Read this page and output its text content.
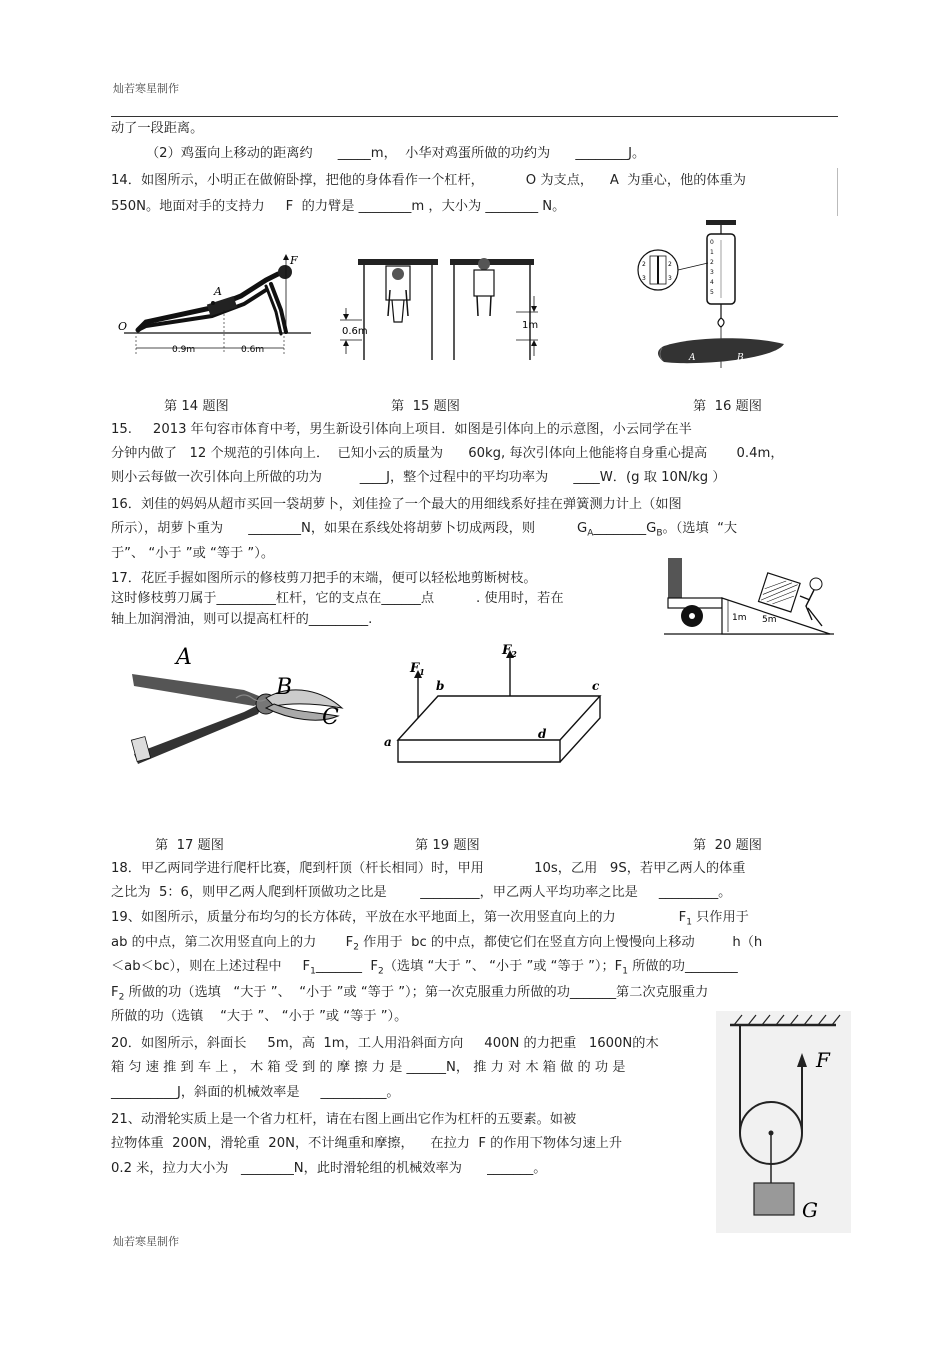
灿若寒星制作
动了一段距离。
（2）鸡蛋向上移动的距离约      _____m，  小华对鸡蛋所做的功约为      ________J。
14．如图所示，小明正在做俯卧撑，把他的身体看作一个杠杆，          O 为支点，    A  为重心，他的体重为
550N。地面对手的支持力     F  的力臂是 ________m ，大小为 ________ N。
F
A
O
0.9m	0.6m
0.6m
1m
0
1
2
3
4
5
2	2
3	3
A	B
第 14 题图	第  15 题图	第  16 题图
15.     2013 年句容市体育中考，男生新设引体向上项目．如图是引体向上的示意图，小云同学在半
分钟内做了   12 个规范的引体向上．  已知小云的质量为      60kg, 每次引体向上他能将自身重心提高       0.4m，
则小云每做一次引体向上所做的功为         ____J，整个过程中的平均功率为      ____W．(g 取 10N/kg ）
16．刘佳的妈妈从超市买回一袋胡萝卜，刘佳捡了一个最大的用细线系好挂在弹簧测力计上（如图
所示），胡萝卜重为      ________N，如果在系线处将胡萝卜切成两段，则          $G_A\_\_\_\_\_\_\_\_G_B$。（选填  “大
于”、 “小于 ”或 “等于 ”）。
17．花匠手握如图所示的修枝剪刀把手的末端，便可以轻松地剪断树枝。
这时修枝剪刀属于_________杠杆，它的支点在______点          . 使用时，若在
轴上加润滑油，则可以提高杠杆的_________.	1m 5m
A
B
C
$F_1$
$F_2$
b	c
a
d
第  17 题图	第 19 题图	第  20 题图
18．甲乙两同学进行爬杆比赛，爬到杆顶（杆长相同）时，甲用            10s，乙用   9S，若甲乙两人的体重
之比为  5：6，则甲乙两人爬到杆顶做功之比是        _________，甲乙两人平均功率之比是     _________。
19、如图所示，质量分布均匀的长方体砖，平放在水平地面上，第一次用竖直向上的力               $F_1$ 只作用于
ab 的中点，第二次用竖直向上的力       $F_2$ 作用于  bc 的中点，都使它们在竖直方向上慢慢向上移动         h（h
＜ab＜bc），则在上述过程中     $F_1\_\_\_\_\_\_\_$  $F_2$（选填 “大于 ”、 “小于 ”或 “等于 ”）；$F_1$ 所做的功________
$F_2$ 所做的功（选填   “大于 ”、  “小于 ”或 “等于 ”）；第一次克服重力所做的功_______第二次克服重力
所做的功（选镇    “大于 ”、 “小于 ”或 “等于 ”）。
20．如图所示，斜面长     5m，高  1m，工人用沿斜面方向     400N 的力把重   1600N的木
箱 匀 速 推 到 车 上 ， 木 箱 受 到 的 摩 擦 力 是 ______N， 推 力 对 木 箱 做 的 功 是
__________J，斜面的机械效率是     __________。
21、动滑轮实质上是一个省力杠杆，请在右图上画出它作为杠杆的五要素。如被
拉物体重  200N，滑轮重  20N，不计绳重和摩擦，    在拉力  F 的作用下物体匀速上升
0.2 米，拉力大小为   ________N，此时滑轮组的机械效率为      _______。
F
G
灿若寒星制作
